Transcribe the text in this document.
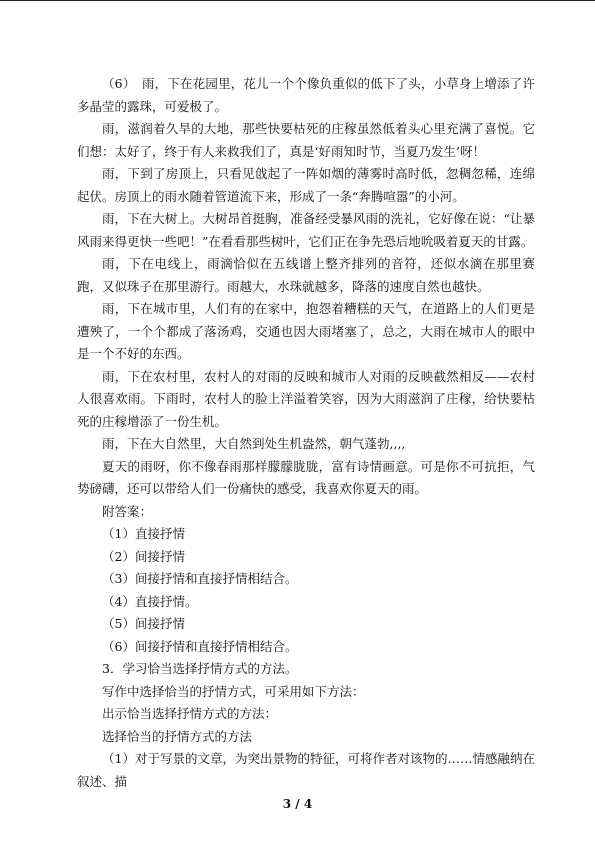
（6）　雨，下在花园里，花儿一个个像负重似的低下了头，小草身上增添了许多晶莹的露珠，可爱极了。

雨，滋润着久旱的大地，那些快要枯死的庄稼虽然低着头心里充满了喜悦。它们想：太好了，终于有人来救我们了，真是‘好雨知时节，当夏乃发生’呀！

雨，下到了房顶上，只看见戗起了一阵如烟的薄雾时高时低，忽稠忽稀，连绵起伏。房顶上的雨水随着管道流下来，形成了一条“奔腾喧嚣”的小河。

雨，下在大树上。大树昂首挺胸，准备经受暴风雨的洗礼，它好像在说：“让暴风雨来得更快一些吧！”在看看那些树叶，它们正在争先恐后地吮吸着夏天的甘露。

雨，下在电线上，雨滴恰似在五线谱上整齐排列的音符，还似水滴在那里赛跑，又似珠子在那里游行。雨越大，水珠就越多，降落的速度自然也越快。

雨，下在城市里，人们有的在家中，抱怨着糟糕的天气，在道路上的人们更是遭殃了，一个个都成了落汤鸡，交通也因大雨堵塞了，总之，大雨在城市人的眼中是一个不好的东西。

雨，下在农村里，农村人的对雨的反映和城市人对雨的反映截然相反——农村人很喜欢雨。下雨时，农村人的脸上洋溢着笑容，因为大雨滋润了庄稼，给快要枯死的庄稼增添了一份生机。

雨，下在大自然里，大自然到处生机盎然，朝气蓬勃,,,,

夏天的雨呀，你不像春雨那样朦朦胧胧，富有诗情画意。可是你不可抗拒，气势磅礴，还可以带给人们一份痛快的感受，我喜欢你夏天的雨。

附答案：

（1）直接抒情

（2）间接抒情

（3）间接抒情和直接抒情相结合。

（4）直接抒情。

（5）间接抒情

（6）间接抒情和直接抒情相结合。

3．学习恰当选择抒情方式的方法。

写作中选择恰当的抒情方式，可采用如下方法：

出示恰当选择抒情方式的方法：

选择恰当的抒情方式的方法

（1）对于写景的文章，为突出景物的特征，可将作者对该物的……情感融纳在叙述、描

3 / 4
